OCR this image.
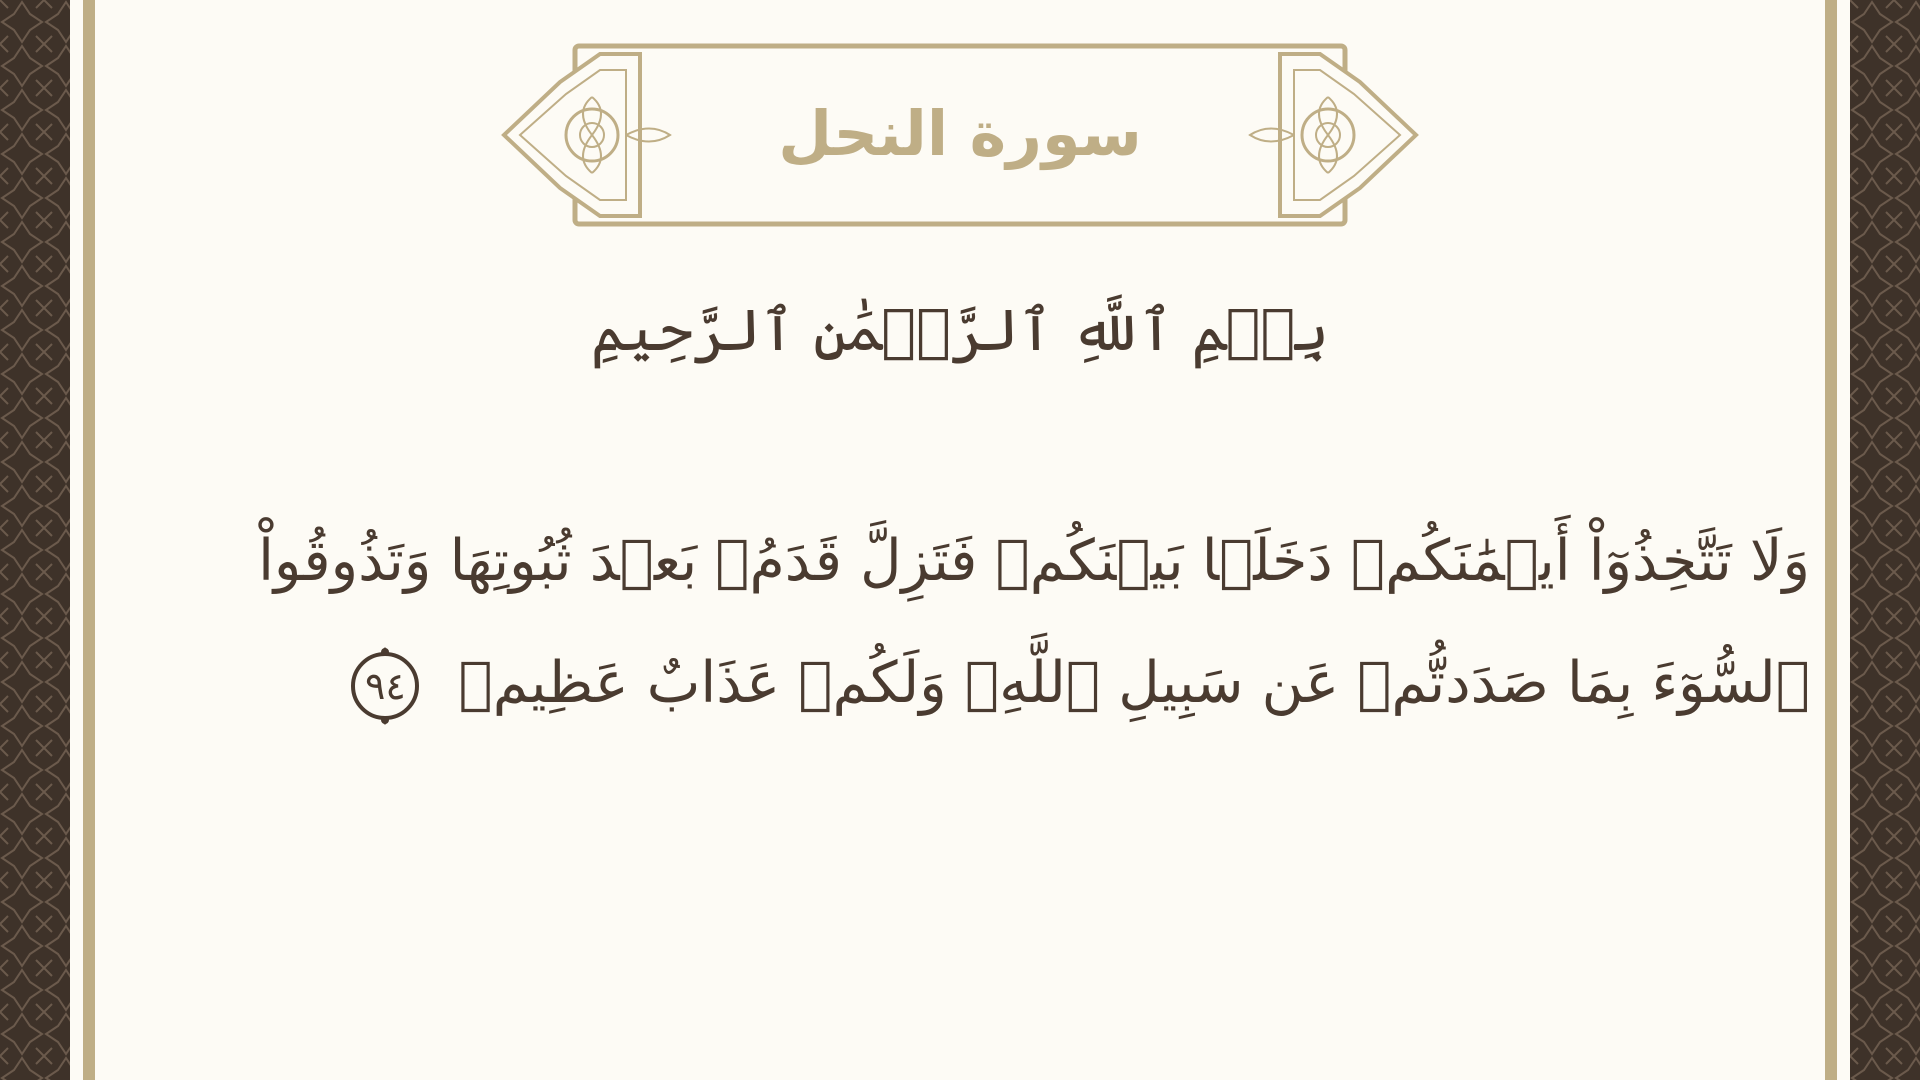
سورة النحل
بِسۡمِ ٱللَّهِ ٱلرَّحۡمَٰنِ ٱلرَّحِيمِ
وَلَا تَتَّخِذُوٓاْ أَيۡمَٰنَكُمۡ دَخَلَۢا بَيۡنَكُمۡ فَتَزِلَّ قَدَمُۢ بَعۡدَ ثُبُوتِهَا وَتَذُوقُواْ
ٱلسُّوٓءَ بِمَا صَدَدتُّمۡ عَن سَبِيلِ ٱللَّهِۖ وَلَكُمۡ عَذَابٌ عَظِيمٞ
٩٤
